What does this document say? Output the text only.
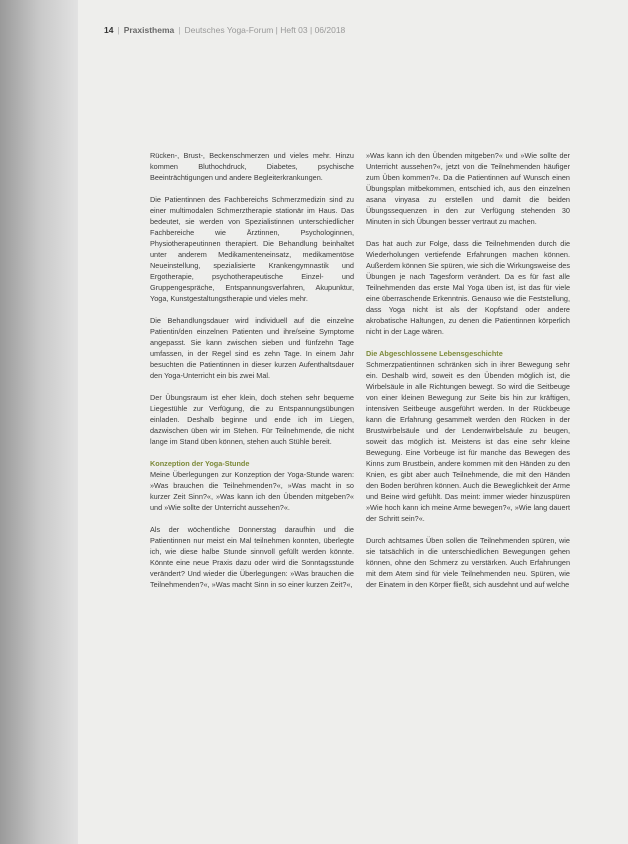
14 | Praxisthema | Deutsches Yoga-Forum | Heft 03 | 06/2018

Rücken-, Brust-, Beckenschmerzen und vieles mehr. Hinzu kommen Bluthochdruck, Diabetes, psychische Beeinträchtigungen und andere Begleiterkrankungen.

Die Patientinnen des Fachbereichs Schmerzmedizin sind zu einer multimodalen Schmerztherapie stationär im Haus. Das bedeutet, sie werden von Spezialistinnen unterschiedlicher Fachbereiche wie Ärztinnen, Psychologinnen, Physiotherapeutinnen therapiert. Die Behandlung beinhaltet unter anderem Medikamenteneinsatz, medikamentöse Neueinstellung, spezialisierte Krankengymnastik und Ergotherapie, psychotherapeutische Einzel- und Gruppengespräche, Entspannungsverfahren, Akupunktur, Yoga, Kunstgestaltungstherapie und vieles mehr.

Die Behandlungsdauer wird individuell auf die einzelne Patientin/den einzelnen Patienten und ihre/seine Symptome angepasst. Sie kann zwischen sieben und fünfzehn Tage umfassen, in der Regel sind es zehn Tage. In einem Jahr besuchten die Patientinnen in dieser kurzen Aufenthaltsdauer den Yoga-Unterricht ein bis zwei Mal.

Der Übungsraum ist eher klein, doch stehen sehr bequeme Liegestühle zur Verfügung, die zu Entspannungsübungen einladen. Deshalb beginne und ende ich im Liegen, dazwischen üben wir im Stehen. Für Teilnehmende, die nicht lange im Stand üben können, stehen auch Stühle bereit.

Konzeption der Yoga-Stunde

Meine Überlegungen zur Konzeption der Yoga-Stunde waren: »Was brauchen die Teilnehmenden?«, »Was macht in so kurzer Zeit Sinn?«, »Was kann ich den Übenden mitgeben?« und »Wie sollte der Unterricht aussehen?«.

Als der wöchentliche Donnerstag daraufhin und die Patientinnen nur meist ein Mal teilnehmen konnten, überlegte ich, wie diese halbe Stunde sinnvoll gefüllt werden könnte. Könnte eine neue Praxis dazu oder wird die Sonntagsstunde verändert? Und wieder die Überlegungen: »Was brauchen die Teilnehmenden?«, »Was macht Sinn in so einer kurzen Zeit?«,

»Was kann ich den Übenden mitgeben?« und »Wie sollte der Unterricht aussehen?«, jetzt von die Teilnehmenden häufiger zum Üben kommen?«. Da die Patientinnen auf Wunsch einen Übungsplan mitbekommen, entschied ich, aus den einzelnen asana vinyasa zu erstellen und damit die beiden Übungssequenzen in den zur Verfügung stehenden 30 Minuten in sich Übungen besser vertraut zu machen.

Das hat auch zur Folge, dass die Teilnehmenden durch die Wiederholungen vertiefende Erfahrungen machen können. Außerdem können Sie spüren, wie sich die Wirkungsweise des Übungen je nach Tagesform verändert. Da es für fast alle Teilnehmenden das erste Mal Yoga üben ist, ist das für viele eine überraschende Erkenntnis. Genauso wie die Feststellung, dass Yoga nicht ist als der Kopfstand oder andere akrobatische Haltungen, zu denen die Patientinnen körperlich nicht in der Lage wären.

Die Abgeschlossene Lebensgeschichte

Schmerzpatientinnen schränken sich in ihrer Bewegung sehr ein. Deshalb wird, soweit es den Übenden möglich ist, die Wirbelsäule in alle Richtungen bewegt. So wird die Seitbeuge von einer kleinen Bewegung zur Seite bis hin zur kräftigen, intensiven Seitbeuge ausgeführt werden. In der Rückbeuge kann die Erfahrung gesammelt werden den Rücken in der Brustwirbelsäule und der Lendenwirbelsäule zu beugen, soweit das möglich ist. Meistens ist das eine sehr kleine Bewegung. Eine Vorbeuge ist für manche das Bewegen des Kinns zum Brustbein, andere kommen mit den Händen zu den Knien, es gibt aber auch Teilnehmende, die mit den Händen den Boden berühren können. Auch die Beweglichkeit der Arme und Beine wird gefühlt. Das meint: immer wieder hinzuspüren »Wie hoch kann ich meine Arme bewegen?«, »Wie lang dauert der Schritt sein?«.

Durch achtsames Üben sollen die Teilnehmenden spüren, wie sie tatsächlich in die unterschiedlichen Bewegungen gehen können, ohne den Schmerz zu verstärken. Auch Erfahrungen mit dem Atem sind für viele Teilnehmenden neu. Spüren, wie der Einatem in den Körper fließt, sich ausdehnt und auf welche
